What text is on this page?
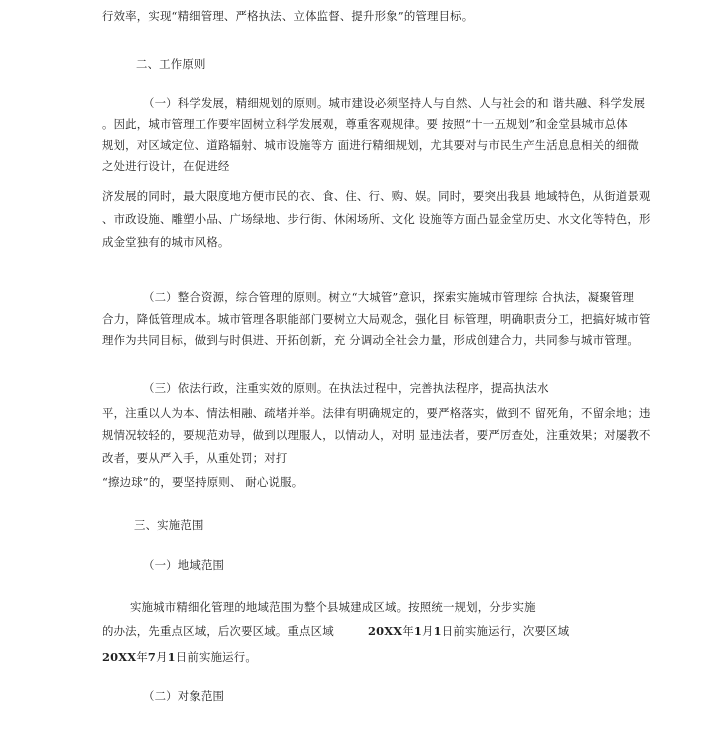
行效率，实现“精细管理、严格执法、立体监督、提升形象”的管理目标。
二、工作原则
（一）科学发展，精细规划的原则。城市建设必须坚持人与自然、人与社会的和 谐共融、科学发展
。因此，城市管理工作要牢固树立科学发展观，尊重客观规律。要 按照“十一五规划”和金堂县城市总体
规划，对区域定位、道路辐射、城市设施等方 面进行精细规划，尤其要对与市民生产生活息息相关的细微
之处进行设计，在促进经
济发展的同时，最大限度地方便市民的衣、食、住、行、购、娱。同时，要突出我县 地域特色，从街道景观
、市政设施、雕塑小品、广场绿地、步行街、休闲场所、文化 设施等方面凸显金堂历史、水文化等特色，形
成金堂独有的城市风格。
（二）整合资源，综合管理的原则。树立“大城管”意识，探索实施城市管理综 合执法，凝聚管理
合力，降低管理成本。城市管理各职能部门要树立大局观念，强化目 标管理，明确职责分工，把搞好城市管
理作为共同目标，做到与时俱进、开拓创新，充 分调动全社会力量，形成创建合力，共同参与城市管理。
（三）依法行政，注重实效的原则。在执法过程中，完善执法程序，提高执法水
平，注重以人为本、情法相融、疏堵并举。法律有明确规定的，要严格落实，做到不 留死角，不留余地；违
规情况较轻的，要规范劝导，做到以理服人，以情动人，对明 显违法者，要严厉查处，注重效果；对屡教不
改者，要从严入手，从重处罚；对打
“擦边球”的，要坚持原则、 耐心说服。
三、实施范围
（一）地域范围
实施城市精细化管理的地域范围为整个县城建成区域。按照统一规划，分步实施
的办法，先重点区域，后次要区域。重点区域	20XX年1月1日前实施运行，次要区域
20XX年7月1日前实施运行。
（二）对象范围
